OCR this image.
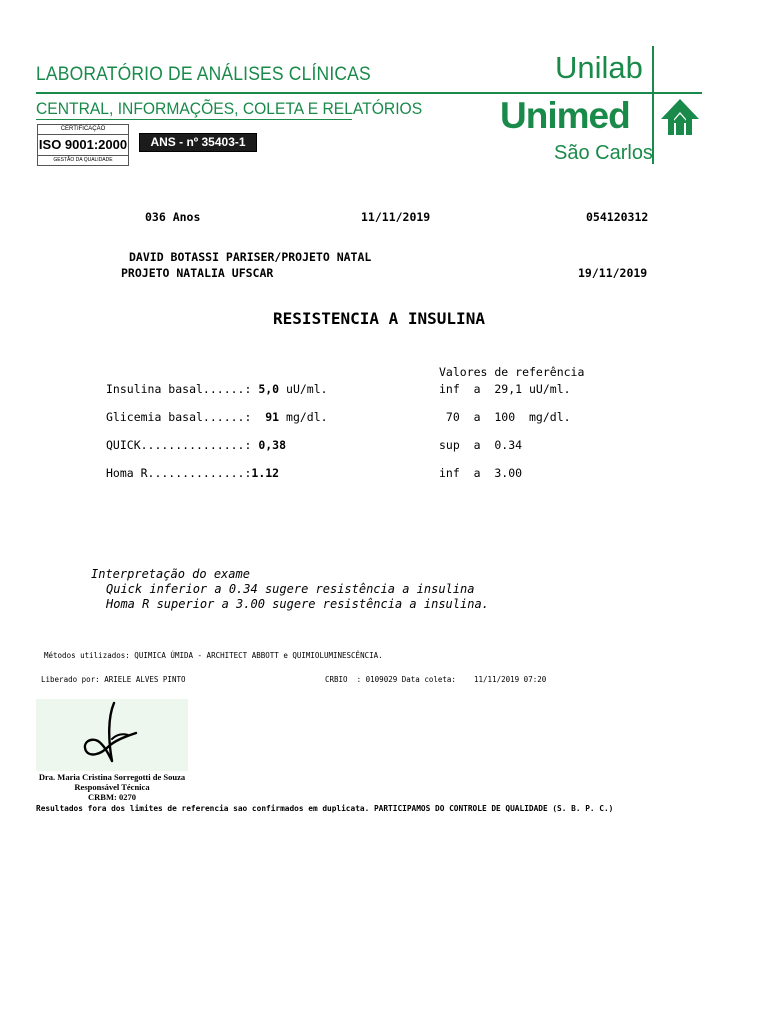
LABORATÓRIO DE ANÁLISES CLÍNICAS
CENTRAL, INFORMAÇÕES, COLETA E RELATÓRIOS
CERTIFICAÇÃO
ISO 9001:2000
GESTÃO DA QUALIDADE
ANS - nº 35403-1
Unilab
Unimed
São Carlos
036 Anos	11/11/2019	054120312
DAVID BOTASSI PARISER/PROJETO NATAL
PROJETO NATALIA UFSCAR	19/11/2019
RESISTENCIA A INSULINA
Valores de referência
Insulina basal......: 5,0 uU/ml.	inf  a  29,1 uU/ml.
Glicemia basal......:  91 mg/dl.	70  a  100  mg/dl.
QUICK...............: 0,38	sup  a  0.34
Homa R..............:1.12	inf  a  3.00
Interpretação do exame
Quick inferior a 0.34 sugere resistência a insulina
Homa R superior a 3.00 sugere resistência a insulina.
Métodos utilizados: QUIMICA ÚMIDA - ARCHITECT ABBOTT e QUIMIOLUMINESCÊNCIA.
Liberado por: ARIELE ALVES PINTO	CRBIO  : 0109029 Data coleta:    11/11/2019 07:20
Dra. Maria Cristina Sorregotti de Souza
Responsável Técnica
CRBM: 0270
Resultados fora dos limites de referencia sao confirmados em duplicata. PARTICIPAMOS DO CONTROLE DE QUALIDADE (S. B. P. C.)
